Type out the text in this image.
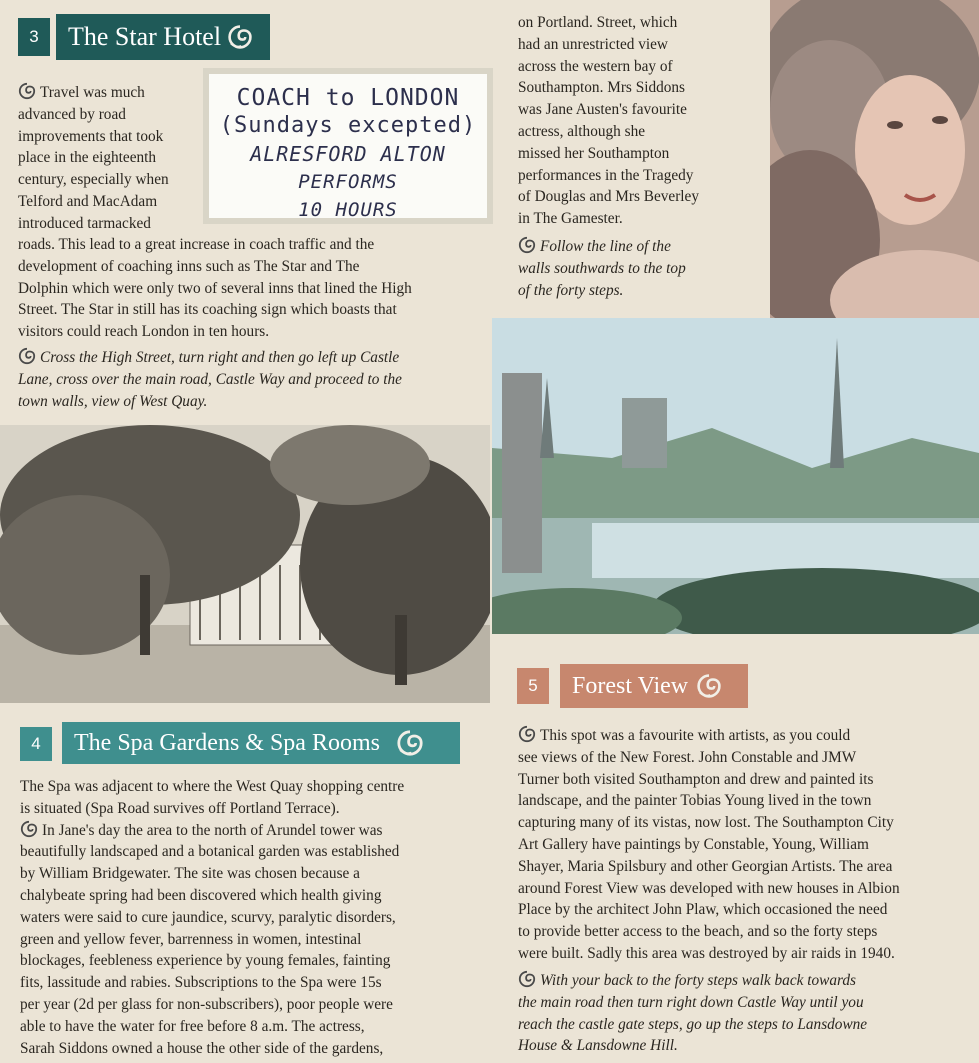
3 The Star Hotel

Travel was much

advanced by road

improvements that took

place in the eighteenth

century, especially when

Telford and MacAdam

introduced tarmacked

COACH to LONDON
(Sundays excepted)
ALRESFORD ALTON
PERFORMS
10 HOURS

roads. This lead to a great increase in coach traffic and the

development of coaching inns such as The Star and The

Dolphin which were only two of several inns that lined the High

Street. The Star in still has its coaching sign which boasts that

visitors could reach London in ten hours.

Cross the High Street, turn right and then go left up Castle

Lane, cross over the main road, Castle Way and proceed to the

town walls, view of West Quay.

on Portland. Street, which

had an unrestricted view

across the western bay of

Southampton. Mrs Siddons

was Jane Austen's favourite

actress, although she

missed her Southampton

performances in the Tragedy

of Douglas and Mrs Beverley

in The Gamester.

Follow the line of the

walls southwards to the top

of the forty steps.

4 The Spa Gardens & Spa Rooms

The Spa was adjacent to where the West Quay shopping centre

is situated (Spa Road survives off Portland Terrace).

In Jane's day the area to the north of Arundel tower was

beautifully landscaped and a botanical garden was established

by William Bridgewater. The site was chosen because a

chalybeate spring had been discovered which health giving

waters were said to cure jaundice, scurvy, paralytic disorders,

green and yellow fever, barrenness in women, intestinal

blockages, feebleness experience by young females, fainting

fits, lassitude and rabies. Subscriptions to the Spa were 15s

per year (2d per glass for non-subscribers), poor people were

able to have the water for free before 8 a.m. The actress,

Sarah Siddons owned a house the other side of the gardens,

5 Forest View

This spot was a favourite with artists, as you could

see views of the New Forest. John Constable and JMW

Turner both visited Southampton and drew and painted its

landscape, and the painter Tobias Young lived in the town

capturing many of its vistas, now lost. The Southampton City

Art Gallery have paintings by Constable, Young, William

Shayer, Maria Spilsbury and other Georgian Artists. The area

around Forest View was developed with new houses in Albion

Place by the architect John Plaw, which occasioned the need

to provide better access to the beach, and so the forty steps

were built. Sadly this area was destroyed by air raids in 1940.

With your back to the forty steps walk back towards

the main road then turn right down Castle Way until you

reach the castle gate steps, go up the steps to Lansdowne

House & Lansdowne Hill.
